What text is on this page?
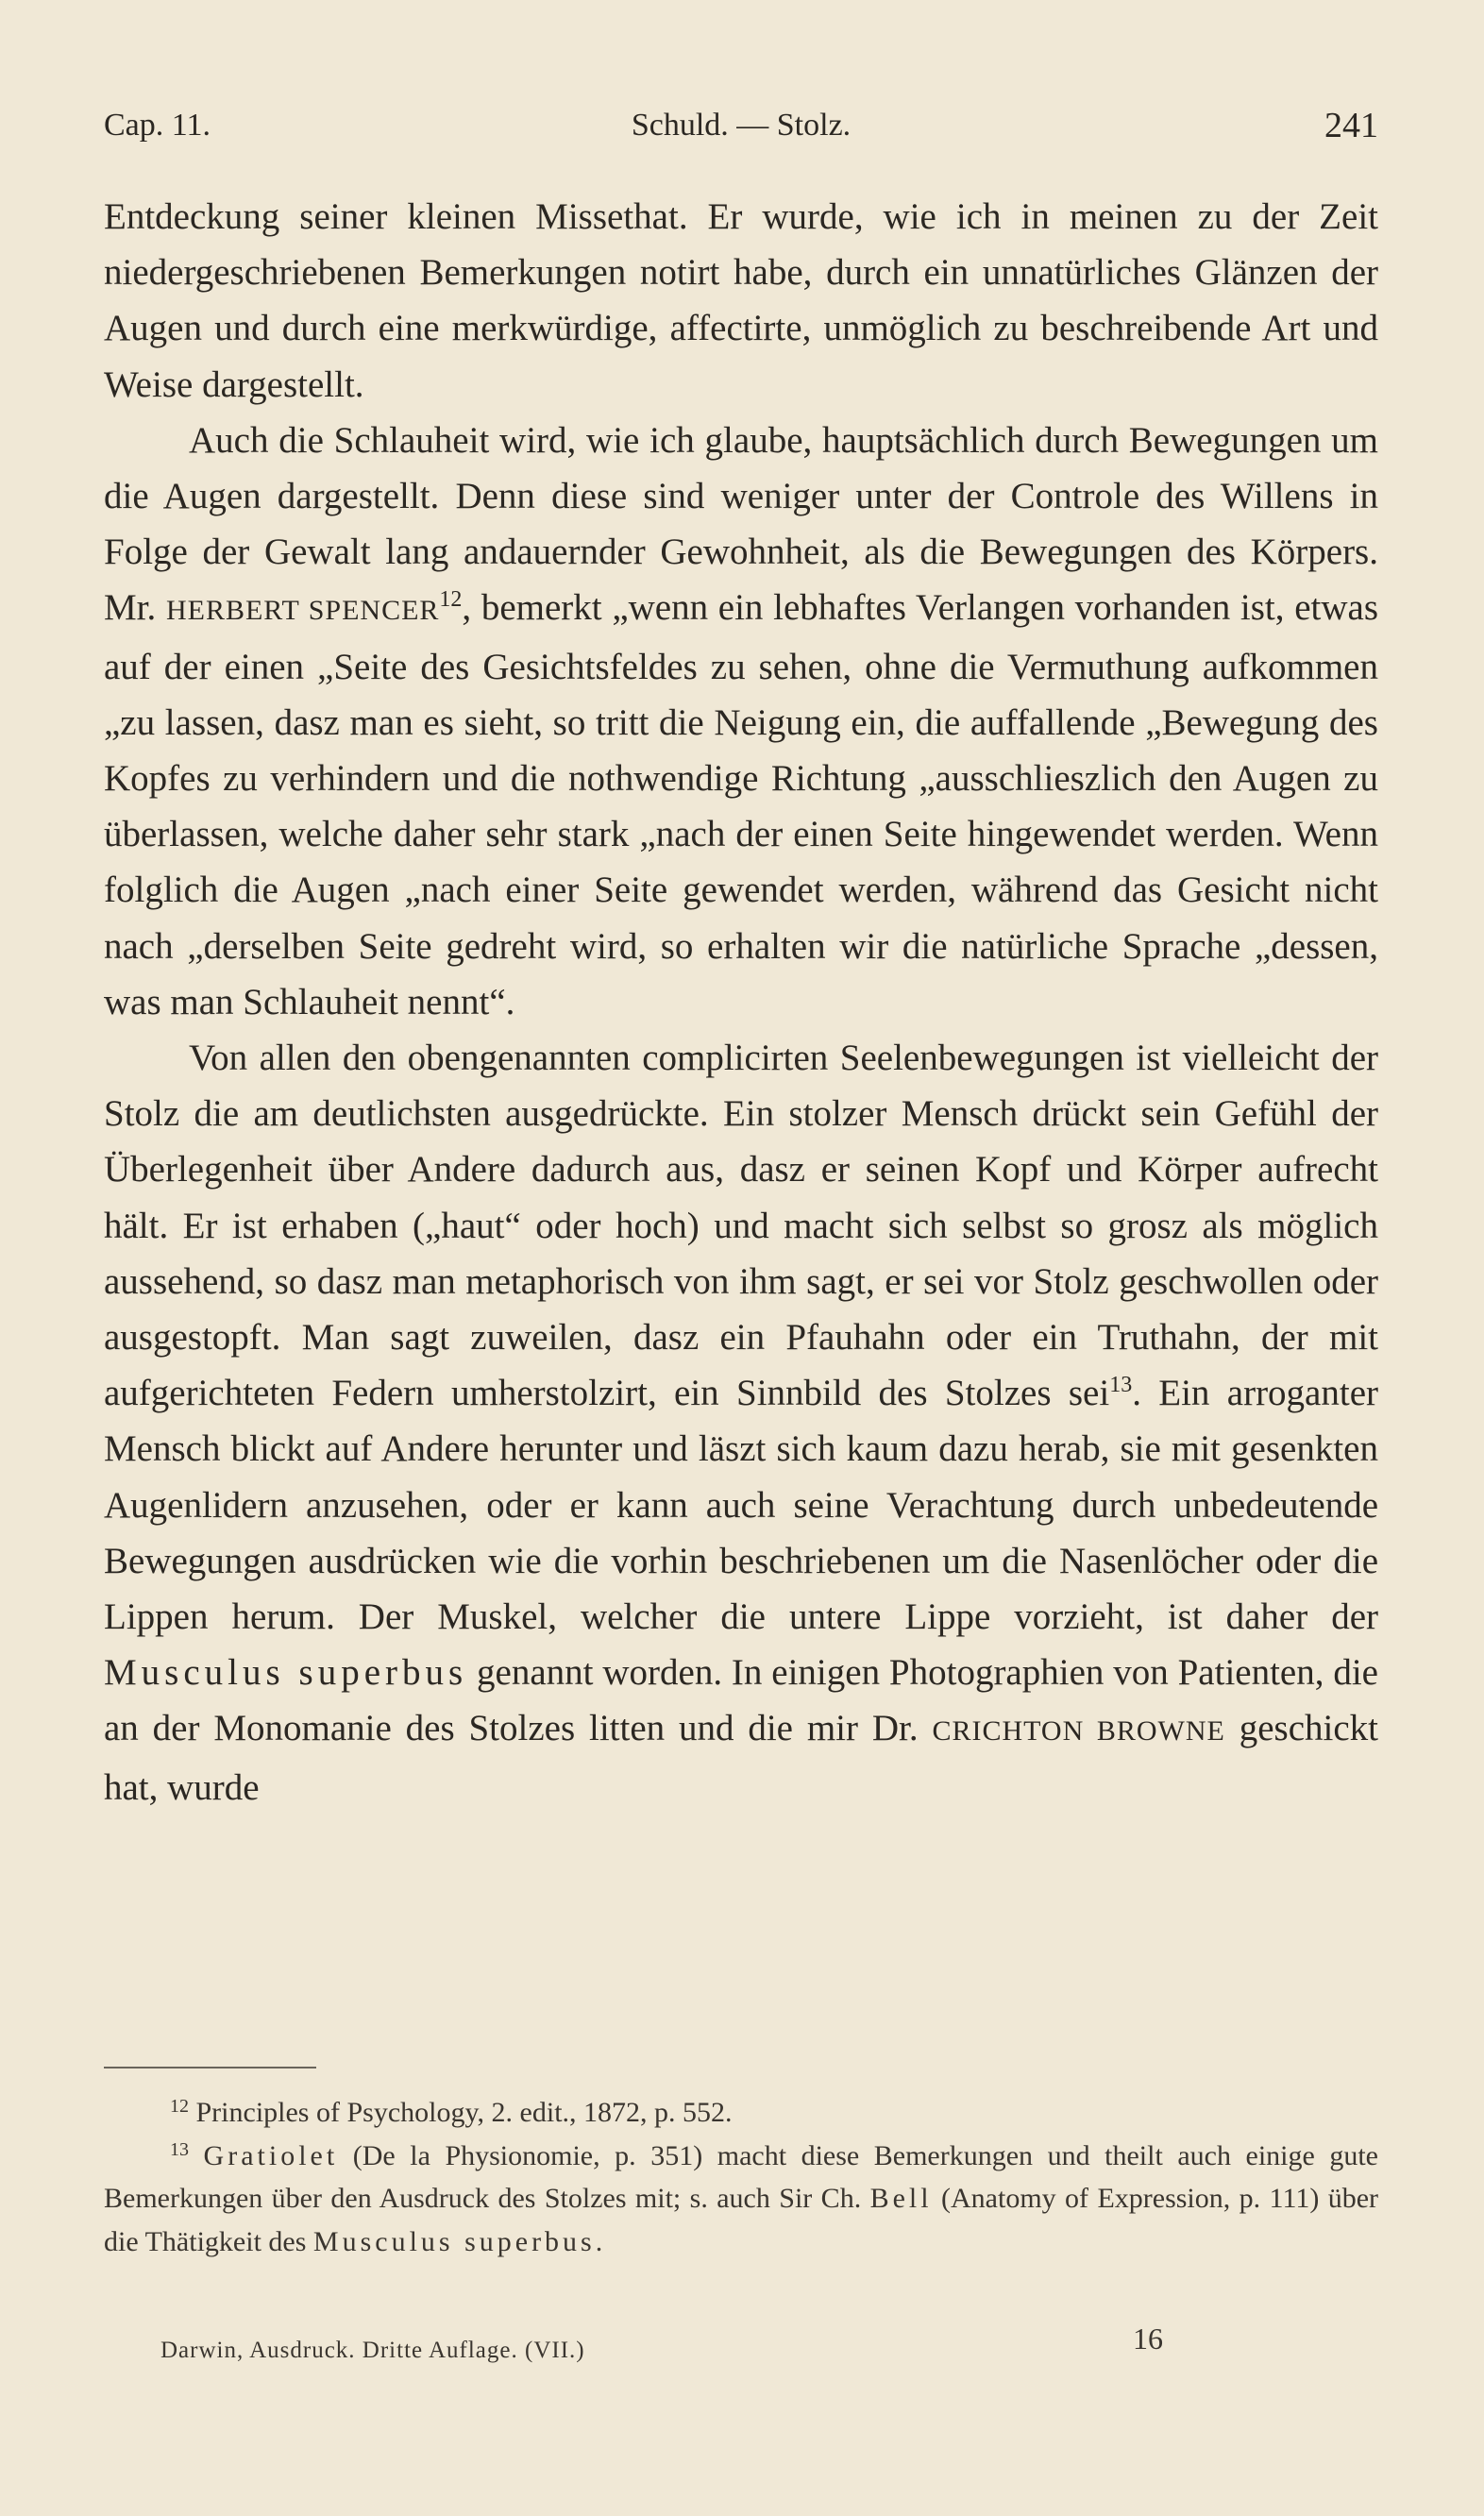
Schuld. — Stolz.
Cap. 11.	241

Entdeckung seiner kleinen Missethat. Er wurde, wie ich in meinen zu der Zeit niedergeschriebenen Bemerkungen notirt habe, durch ein unnatürliches Glänzen der Augen und durch eine merkwürdige, affectirte, unmöglich zu beschreibende Art und Weise dargestellt.

Auch die Schlauheit wird, wie ich glaube, hauptsächlich durch Bewegungen um die Augen dargestellt. Denn diese sind weniger unter der Controle des Willens in Folge der Gewalt lang andauernder Gewohnheit, als die Bewegungen des Körpers. Mr. HERBERT SPENCER$^{12}$, bemerkt „wenn ein lebhaftes Verlangen vorhanden ist, etwas auf der einen „Seite des Gesichtsfeldes zu sehen, ohne die Vermuthung aufkommen „zu lassen, dasz man es sieht, so tritt die Neigung ein, die auffallende „Bewegung des Kopfes zu verhindern und die nothwendige Richtung „ausschlieszlich den Augen zu überlassen, welche daher sehr stark „nach der einen Seite hingewendet werden. Wenn folglich die Augen „nach einer Seite gewendet werden, während das Gesicht nicht nach „derselben Seite gedreht wird, so erhalten wir die natürliche Sprache „dessen, was man Schlauheit nennt“.

Von allen den obengenannten complicirten Seelenbewegungen ist vielleicht der Stolz die am deutlichsten ausgedrückte. Ein stolzer Mensch drückt sein Gefühl der Überlegenheit über Andere dadurch aus, dasz er seinen Kopf und Körper aufrecht hält. Er ist erhaben („haut“ oder hoch) und macht sich selbst so grosz als möglich aussehend, so dasz man metaphorisch von ihm sagt, er sei vor Stolz geschwollen oder ausgestopft. Man sagt zuweilen, dasz ein Pfauhahn oder ein Truthahn, der mit aufgerichteten Federn umherstolzirt, ein Sinnbild des Stolzes sei$^{13}$. Ein arroganter Mensch blickt auf Andere herunter und läszt sich kaum dazu herab, sie mit gesenkten Augenlidern anzusehen, oder er kann auch seine Verachtung durch unbedeutende Bewegungen ausdrücken wie die vorhin beschriebenen um die Nasenlöcher oder die Lippen herum. Der Muskel, welcher die untere Lippe vorzieht, ist daher der Musculus superbus genannt worden. In einigen Photographien von Patienten, die an der Monomanie des Stolzes litten und die mir Dr. CRICHTON BROWNE geschickt hat, wurde

$^{12}$ Principles of Psychology, 2. edit., 1872, p. 552.

$^{13}$ Gratiolet (De la Physionomie, p. 351) macht diese Bemerkungen und theilt auch einige gute Bemerkungen über den Ausdruck des Stolzes mit; s. auch Sir Ch. Bell (Anatomy of Expression, p. 111) über die Thätigkeit des Musculus superbus.

Darwin, Ausdruck. Dritte Auflage. (VII.)	16
